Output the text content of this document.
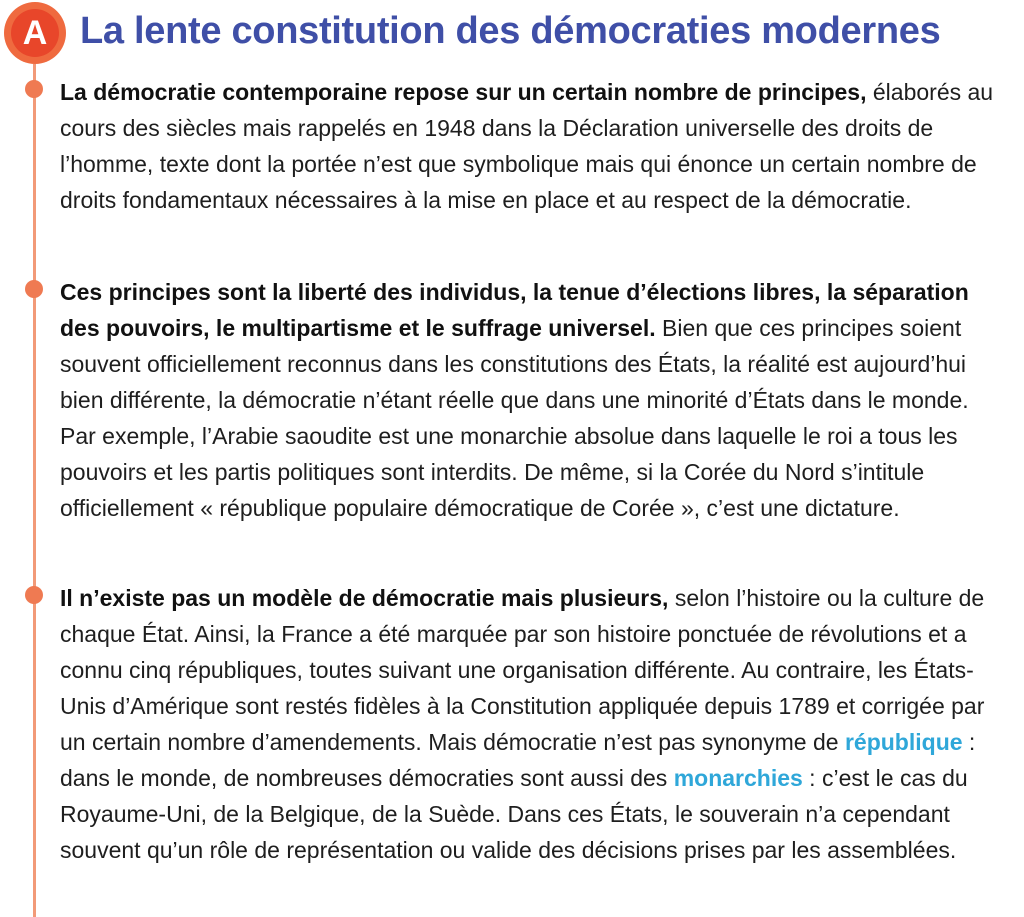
A La lente constitution des démocraties modernes

La démocratie contemporaine repose sur un certain nombre de principes, élaborés au cours des siècles mais rappelés en 1948 dans la Déclaration universelle des droits de l’homme, texte dont la portée n’est que symbolique mais qui énonce un certain nombre de droits fondamentaux nécessaires à la mise en place et au respect de la démocratie.

Ces principes sont la liberté des individus, la tenue d’élections libres, la séparation des pouvoirs, le multipartisme et le suffrage universel. Bien que ces principes soient souvent officiellement reconnus dans les constitutions des États, la réalité est aujourd’hui bien différente, la démocratie n’étant réelle que dans une minorité d’États dans le monde. Par exemple, l’Arabie saoudite est une monarchie absolue dans laquelle le roi a tous les pouvoirs et les partis politiques sont interdits. De même, si la Corée du Nord s’intitule officiellement « république populaire démocratique de Corée », c’est une dictature.

Il n’existe pas un modèle de démocratie mais plusieurs, selon l’histoire ou la culture de chaque État. Ainsi, la France a été marquée par son histoire ponctuée de révolutions et a connu cinq républiques, toutes suivant une organisation différente. Au contraire, les États-Unis d’Amérique sont restés fidèles à la Constitution appliquée depuis 1789 et corrigée par un certain nombre d’amendements. Mais démocratie n’est pas synonyme de république : dans le monde, de nombreuses démocraties sont aussi des monarchies : c’est le cas du Royaume-Uni, de la Belgique, de la Suède. Dans ces États, le souverain n’a cependant souvent qu’un rôle de représentation ou valide des décisions prises par les assemblées.
